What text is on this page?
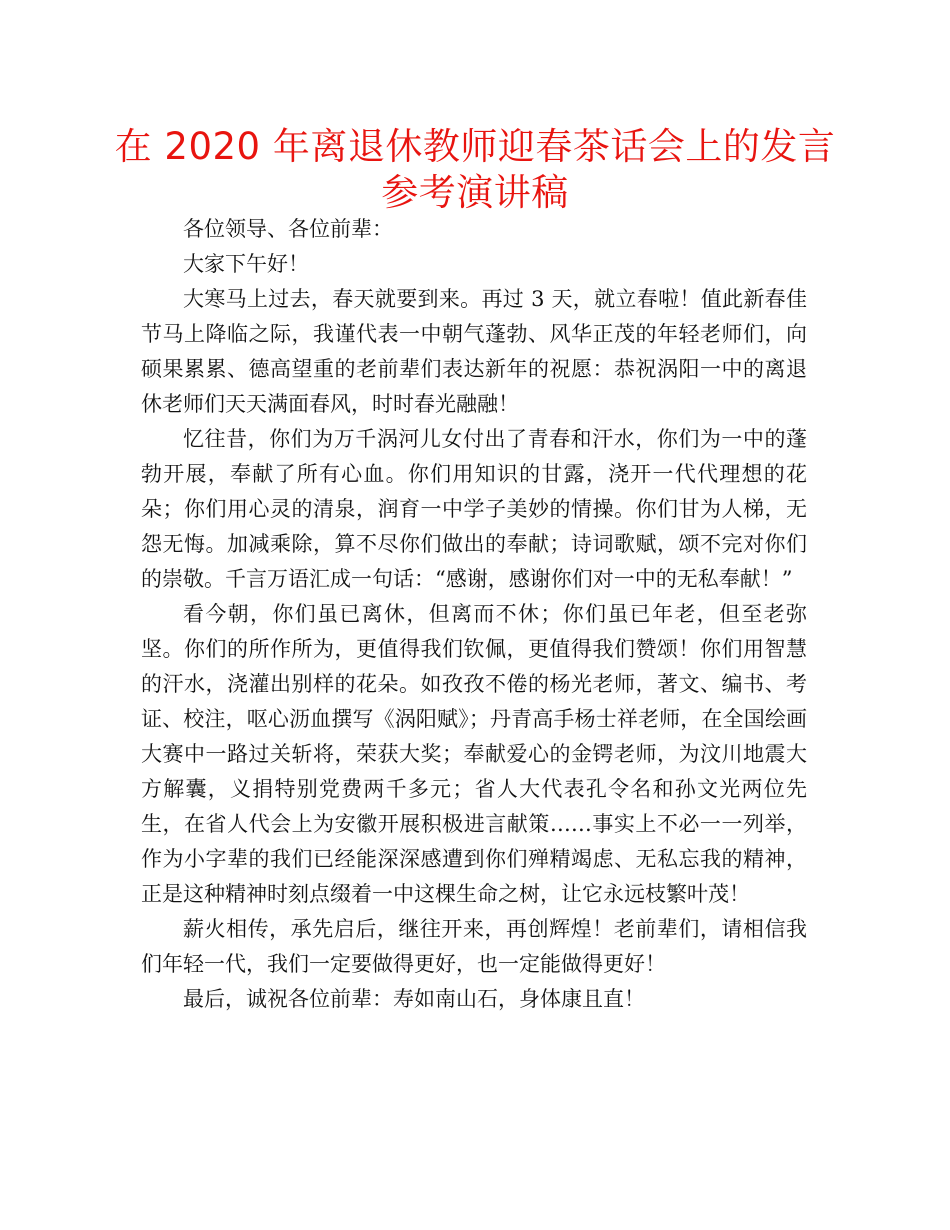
在 2020 年离退休教师迎春茶话会上的发言
参考演讲稿

各位领导、各位前辈：

大家下午好！

大寒马上过去，春天就要到来。再过 3 天，就立春啦！值此新春佳节马上降临之际，我谨代表一中朝气蓬勃、风华正茂的年轻老师们，向硕果累累、德高望重的老前辈们表达新年的祝愿：恭祝涡阳一中的离退休老师们天天满面春风，时时春光融融！

忆往昔，你们为万千涡河儿女付出了青春和汗水，你们为一中的蓬勃开展，奉献了所有心血。你们用知识的甘露，浇开一代代理想的花朵；你们用心灵的清泉，润育一中学子美妙的情操。你们甘为人梯，无怨无悔。加减乘除，算不尽你们做出的奉献；诗词歌赋，颂不完对你们的崇敬。千言万语汇成一句话：“感谢，感谢你们对一中的无私奉献！”

看今朝，你们虽已离休，但离而不休；你们虽已年老，但至老弥坚。你们的所作所为，更值得我们钦佩，更值得我们赞颂！你们用智慧的汗水，浇灌出别样的花朵。如孜孜不倦的杨光老师，著文、编书、考证、校注，呕心沥血撰写《涡阳赋》；丹青高手杨士祥老师，在全国绘画大赛中一路过关斩将，荣获大奖；奉献爱心的金锷老师，为汶川地震大方解囊，义捐特别党费两千多元；省人大代表孔令名和孙文光两位先生，在省人代会上为安徽开展积极进言献策……事实上不必一一列举，作为小字辈的我们已经能深深感遭到你们殚精竭虑、无私忘我的精神，正是这种精神时刻点缀着一中这棵生命之树，让它永远枝繁叶茂！

薪火相传，承先启后，继往开来，再创辉煌！老前辈们，请相信我们年轻一代，我们一定要做得更好，也一定能做得更好！

最后，诚祝各位前辈：寿如南山石，身体康且直！
